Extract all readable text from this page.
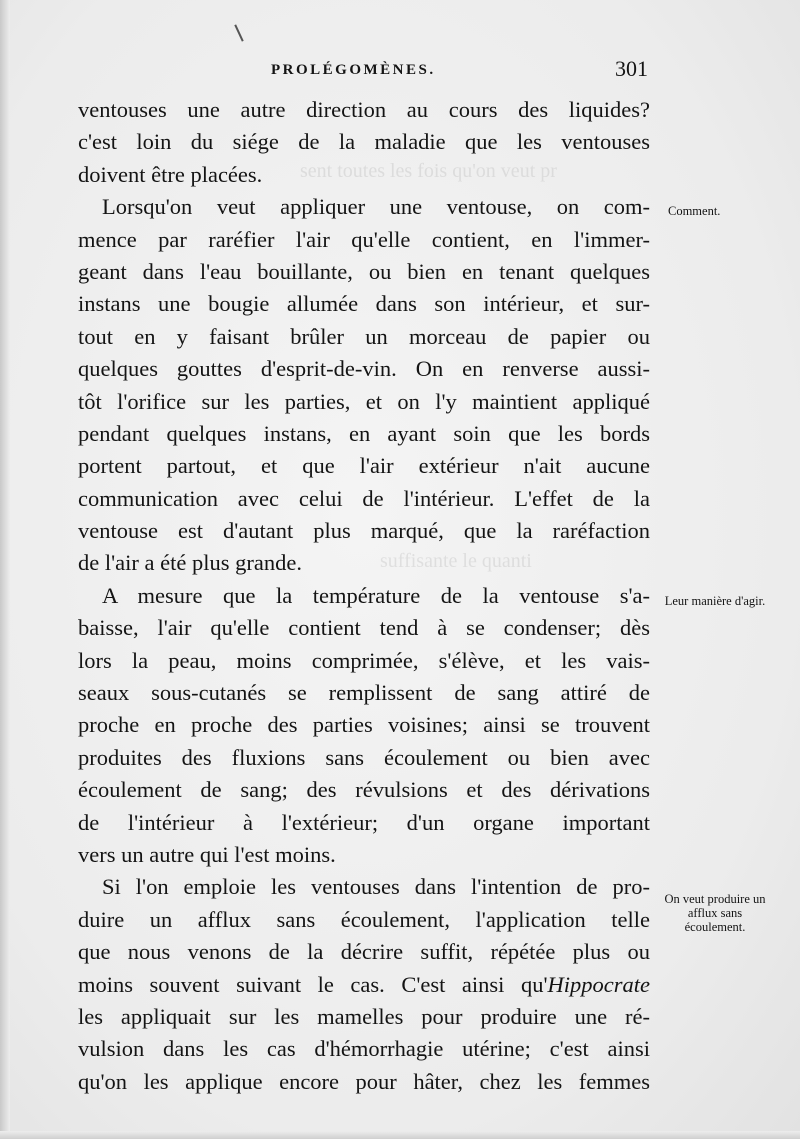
sent toutes les fois qu'on veut pr
suffisante le quanti
PROLÉGOMÈNES.	301
ventouses une autre direction au cours des liquides?
c'est loin du siége de la maladie que les ventouses
doivent être placées.
Lorsqu'on veut appliquer une ventouse, on com-
mence par raréfier l'air qu'elle contient, en l'immer-
geant dans l'eau bouillante, ou bien en tenant quelques
instans une bougie allumée dans son intérieur, et sur-
tout en y faisant brûler un morceau de papier ou
quelques gouttes d'esprit-de-vin. On en renverse aussi-
tôt l'orifice sur les parties, et on l'y maintient appliqué
pendant quelques instans, en ayant soin que les bords
portent partout, et que l'air extérieur n'ait aucune
communication avec celui de l'intérieur. L'effet de la
ventouse est d'autant plus marqué, que la raréfaction
de l'air a été plus grande.
A mesure que la température de la ventouse s'a-
baisse, l'air qu'elle contient tend à se condenser; dès
lors la peau, moins comprimée, s'élève, et les vais-
seaux sous-cutanés se remplissent de sang attiré de
proche en proche des parties voisines; ainsi se trouvent
produites des fluxions sans écoulement ou bien avec
écoulement de sang; des révulsions et des dérivations
de l'intérieur à l'extérieur; d'un organe important
vers un autre qui l'est moins.
Si l'on emploie les ventouses dans l'intention de pro-
duire un afflux sans écoulement, l'application telle
que nous venons de la décrire suffit, répétée plus ou
moins souvent suivant le cas. C'est ainsi qu'Hippocrate
les appliquait sur les mamelles pour produire une ré-
vulsion dans les cas d'hémorrhagie utérine; c'est ainsi
qu'on les applique encore pour hâter, chez les femmes
Comment.
Leur manière d'agir.
On veut produire un afflux sans écoulement.
